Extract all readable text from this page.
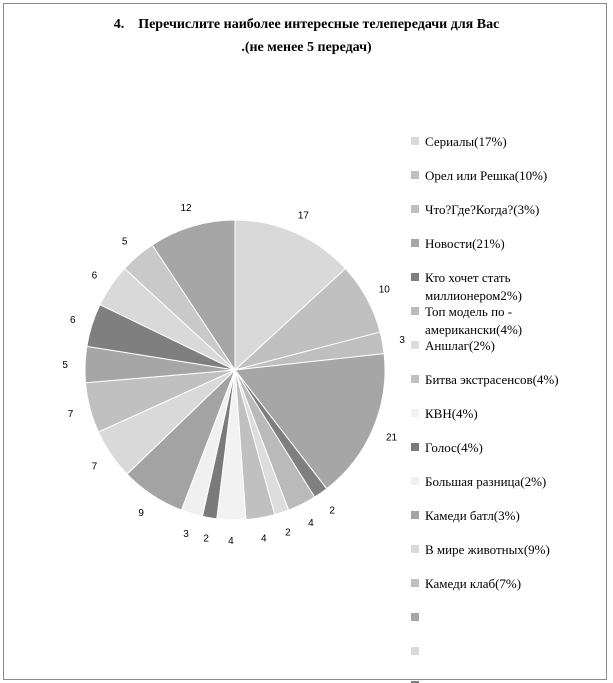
4.    Перечислите наиболее интересные телепередачи для Вас
.(не менее 5 передач)
17
10
3
21
2
4
2
4
4
2
3
9
7
7
5
6
6
5
12
Сериалы(17%)
Орел или Решка(10%)
Что?Где?Когда?(3%)
Новости(21%)
Кто хочет стать миллионером2%)
Топ модель по -американски(4%)
Аншлаг(2%)
Битва экстрасенсов(4%)
КВН(4%)
Голос(4%)
Большая разница(2%)
Камеди батл(3%)
В мире животных(9%)
Камеди клаб(7%)
